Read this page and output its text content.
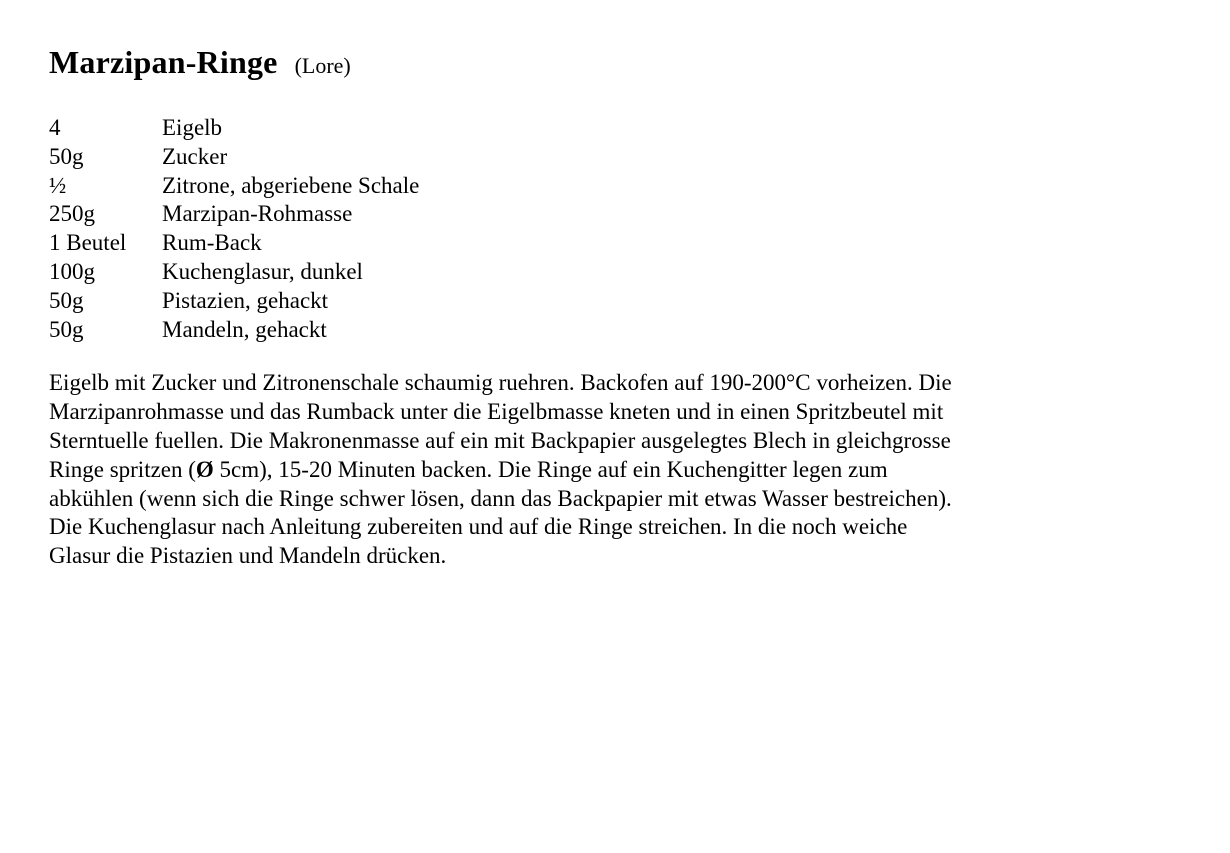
Marzipan-Ringe (Lore)
4	Eigelb
50g	Zucker
½	Zitrone, abgeriebene Schale
250g	Marzipan-Rohmasse
1 Beutel	Rum-Back
100g	Kuchenglasur, dunkel
50g	Pistazien, gehackt
50g	Mandeln, gehackt
Eigelb mit Zucker und Zitronenschale schaumig ruehren. Backofen auf 190-200°C vorheizen. Die
Marzipanrohmasse und das Rumback unter die Eigelbmasse kneten und in einen Spritzbeutel mit
Sterntuelle fuellen. Die Makronenmasse auf ein mit Backpapier ausgelegtes Blech in gleichgrosse
Ringe spritzen (Ø 5cm), 15-20 Minuten backen. Die Ringe auf ein Kuchengitter legen zum
abkühlen (wenn sich die Ringe schwer lösen, dann das Backpapier mit etwas Wasser bestreichen).
Die Kuchenglasur nach Anleitung zubereiten und auf die Ringe streichen. In die noch weiche
Glasur die Pistazien und Mandeln drücken.
